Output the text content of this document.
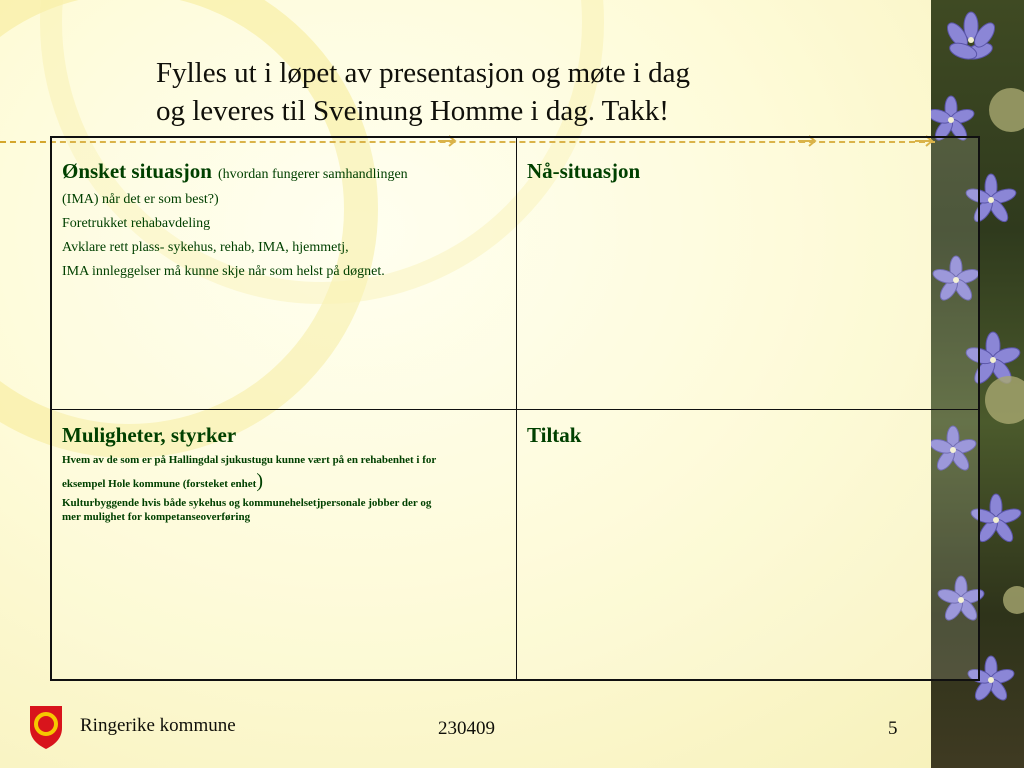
Fylles ut i løpet av presentasjon og møte i dag
og leveres til Sveinung Homme i dag. Takk!
Ønsket situasjon (hvordan fungerer samhandlingen
(IMA) når det er som best?)
Foretrukket rehabavdeling
Avklare rett plass- sykehus, rehab, IMA, hjemmetj,
IMA innleggelser må kunne skje når som helst på døgnet.
Nå-situasjon
Muligheter, styrker
Hvem av de som er på Hallingdal sjukustugu kunne vært på en rehabenhet i for
eksempel Hole kommune (forsteket enhet)
Kulturbyggende hvis både sykehus og kommunehelsetjpersonale jobber der og
mer mulighet for kompetanseoverføring
Tiltak
Ringerike kommune	230409	5
